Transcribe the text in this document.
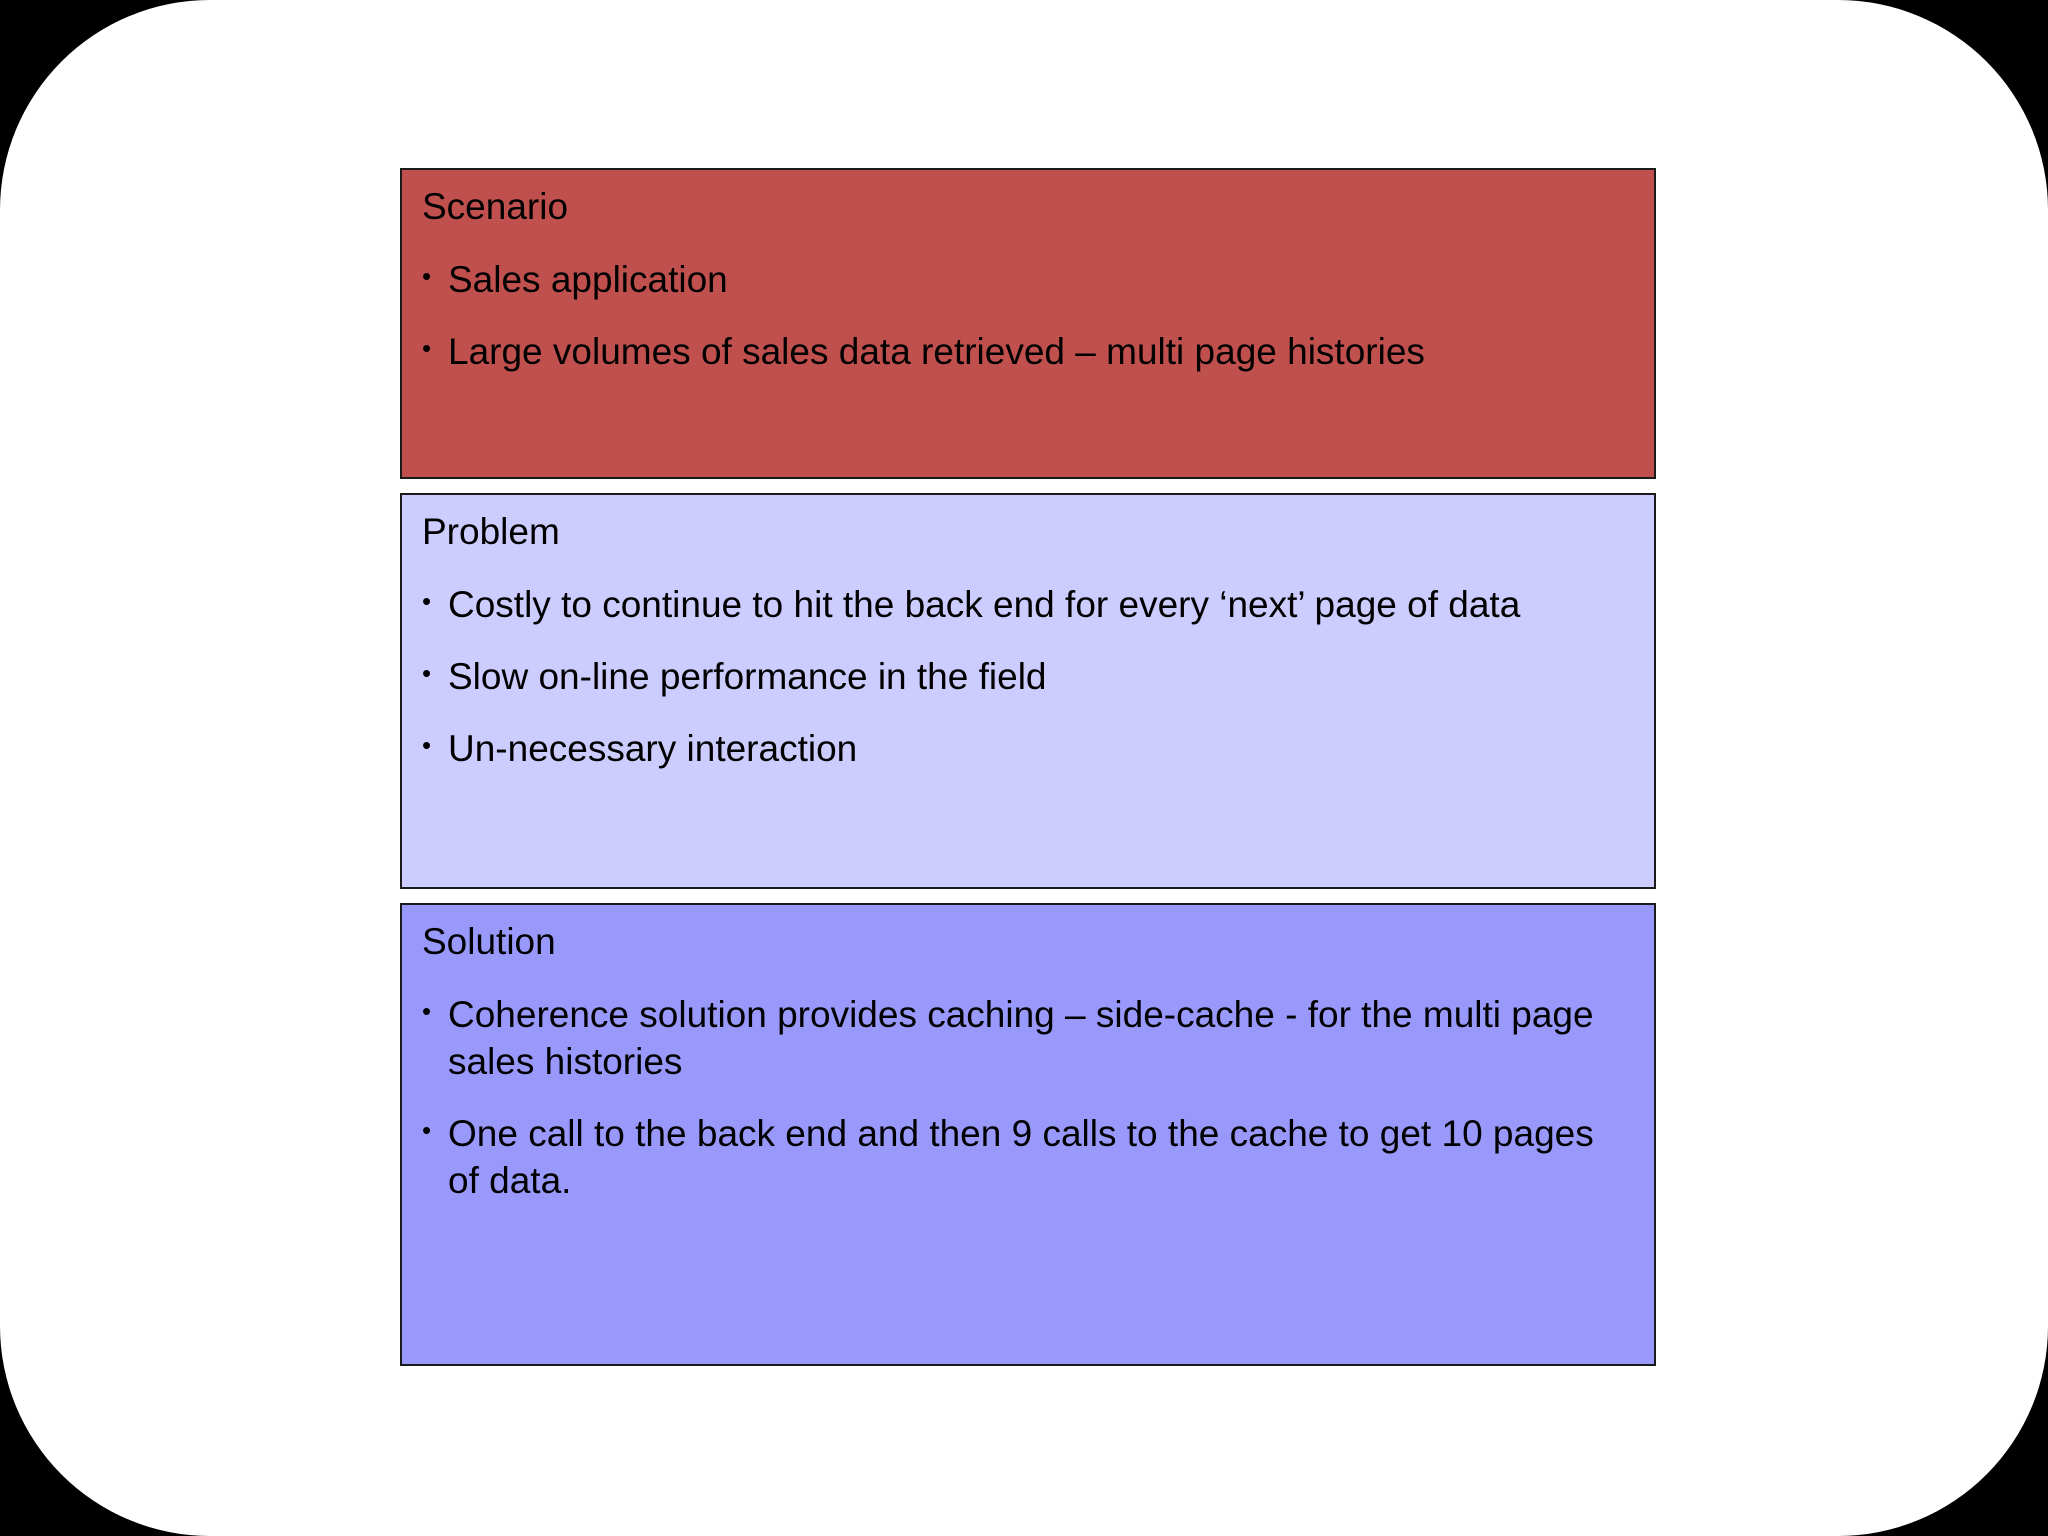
Scenario
• Sales application
• Large volumes of sales data retrieved – multi page histories
Problem
• Costly to continue to hit the back end for every ‘next’ page of data
• Slow on-line performance in the field
• Un-necessary interaction
Solution
• Coherence solution provides caching – side-cache - for the multi page sales histories
• One call to the back end and then 9 calls to the cache to get 10 pages of data.
